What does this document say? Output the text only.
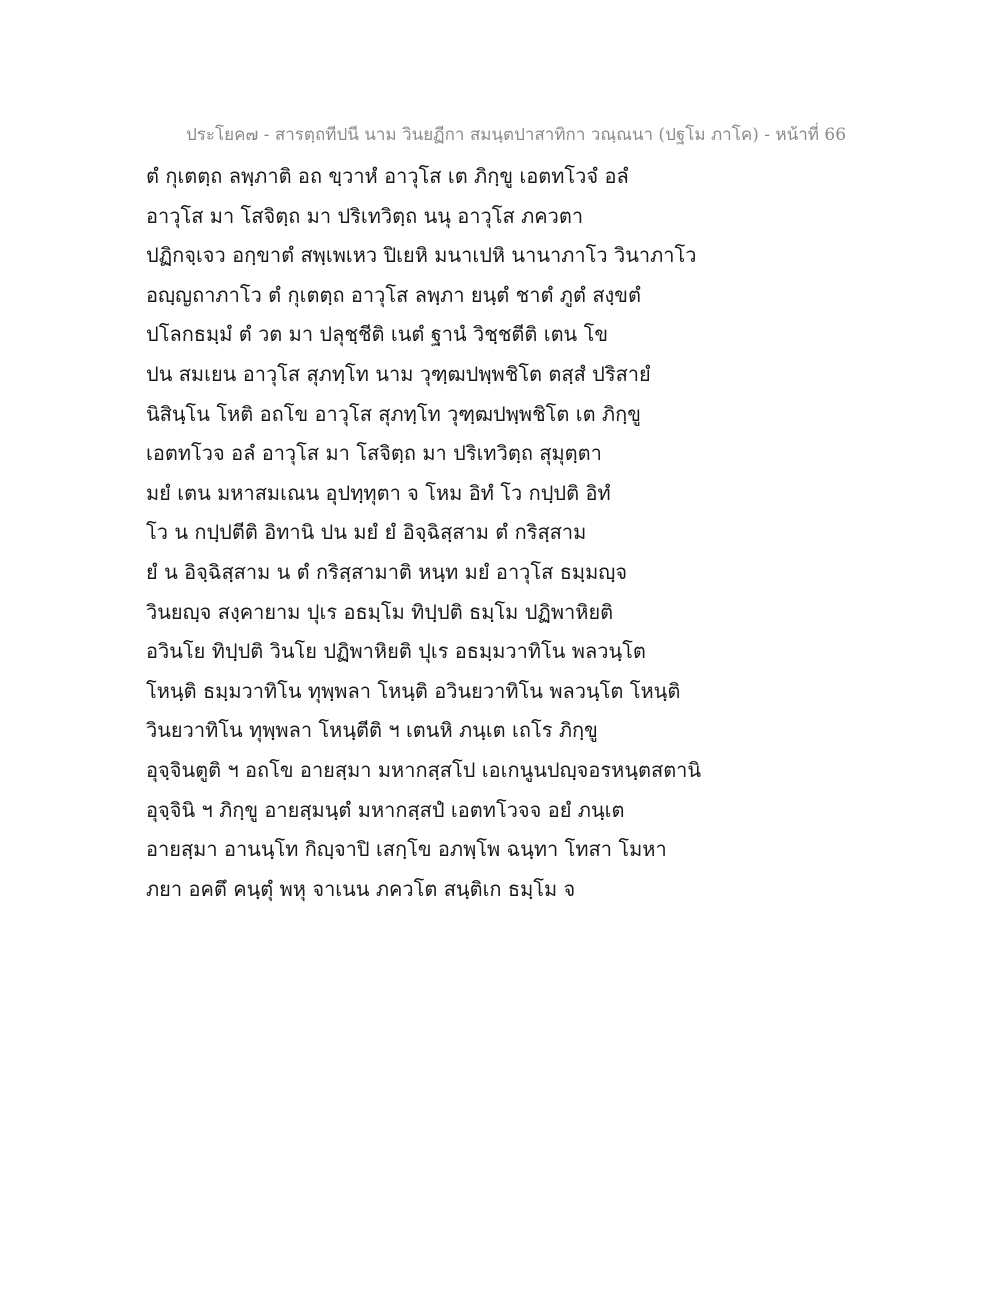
ประโยค๗ - สารตฺถทีปนี นาม วินยฏีกา สมนฺตปาสาทิกา วณฺณนา (ปฐโม ภาโค) - หน้าที่ 66
ตํ กุเตตฺถ ลพฺภาติ อถ ขฺวาหํ อาวุโส เต ภิกฺขู เอตทโวจํ อลํ
อาวุโส มา โสจิตฺถ มา ปริเทวิตฺถ นนุ อาวุโส ภควตา
ปฏิกจฺเจว อกฺขาตํ สพฺเพเหว ปิเยหิ มนาเปหิ นานาภาโว วินาภาโว
อญฺญถาภาโว ตํ กุเตตฺถ อาวุโส ลพฺภา ยนฺตํ ชาตํ ภูตํ สงฺขตํ
ปโลกธมฺมํ ตํ วต มา ปลุชฺชีติ เนตํ ฐานํ วิชฺชตีติ เตน โข
ปน สมเยน อาวุโส สุภทฺโท นาม วุฑฺฒปพฺพชิโต ตสฺสํ ปริสายํ
นิสินฺโน โหติ อถโข อาวุโส สุภทฺโท วุฑฺฒปพฺพชิโต เต ภิกฺขู
เอตทโวจ อลํ อาวุโส มา โสจิตฺถ มา ปริเทวิตฺถ สุมุตฺตา
มยํ เตน มหาสมเณน อุปทฺทุตา จ โหม อิทํ โว กปฺปติ อิทํ
โว น กปฺปตีติ อิทานิ ปน มยํ ยํ อิจฺฉิสฺสาม ตํ กริสฺสาม
ยํ น อิจฺฉิสฺสาม น ตํ กริสฺสามาติ หนฺท มยํ อาวุโส ธมฺมญฺจ
วินยญฺจ สงฺคายาม ปุเร อธมฺโม ทิปฺปติ ธมฺโม ปฏิพาหิยติ
อวินโย ทิปฺปติ วินโย ปฏิพาหิยติ ปุเร อธมฺมวาทิโน พลวนฺโต
โหนฺติ ธมฺมวาทิโน ทุพฺพลา โหนฺติ อวินยวาทิโน พลวนฺโต โหนฺติ
วินยวาทิโน ทุพฺพลา โหนฺตีติ ฯ เตนหิ ภนฺเต เถโร ภิกฺขู
อุจฺจินตูติ ฯ อถโข อายสฺมา มหากสฺสโป เอเกนูนปญฺจอรหนฺตสตานิ
อุจฺจินิ ฯ ภิกฺขู อายสฺมนฺตํ มหากสฺสปํ เอตทโวจจ อยํ ภนฺเต
อายสฺมา อานนฺโท กิญฺจาปิ เสกฺโข อภพฺโพ ฉนฺทา โทสา โมหา
ภยา อคตึ คนฺตุํ พหุ จาเนน ภควโต สนฺติเก ธมฺโม จ
